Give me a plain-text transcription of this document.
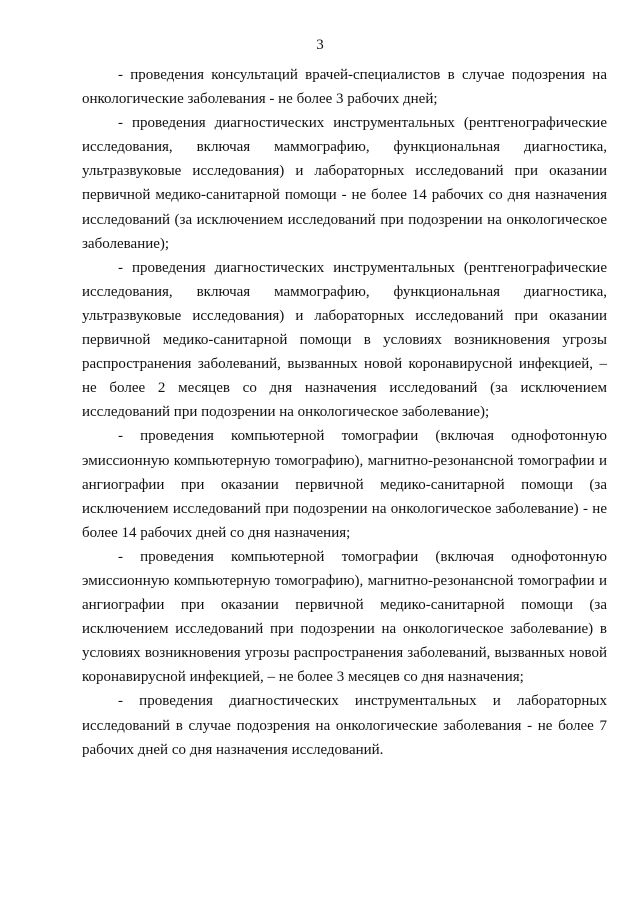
3

- проведения консультаций врачей-специалистов в случае подозрения на онкологические заболевания - не более 3 рабочих дней;

- проведения диагностических инструментальных (рентгенографические исследования, включая маммографию, функциональная диагностика, ультразвуковые исследования) и лабораторных исследований при оказании первичной медико-санитарной помощи - не более 14 рабочих со дня назначения исследований (за исключением исследований при подозрении на онкологическое заболевание);

- проведения диагностических инструментальных (рентгенографические исследования, включая маммографию, функциональная диагностика, ультразвуковые исследования) и лабораторных исследований при оказании первичной медико-санитарной помощи в условиях возникновения угрозы распространения заболеваний, вызванных новой коронавирусной инфекцией, – не более 2 месяцев со дня назначения исследований (за исключением исследований при подозрении на онкологическое заболевание);

- проведения компьютерной томографии (включая однофотонную эмиссионную компьютерную томографию), магнитно-резонансной томографии и ангиографии при оказании первичной медико-санитарной помощи (за исключением исследований при подозрении на онкологическое заболевание) - не более 14 рабочих дней со дня назначения;

- проведения компьютерной томографии (включая однофотонную эмиссионную компьютерную томографию), магнитно-резонансной томографии и ангиографии при оказании первичной медико-санитарной помощи (за исключением исследований при подозрении на онкологическое заболевание) в условиях возникновения угрозы распространения заболеваний, вызванных новой коронавирусной инфекцией, – не более 3 месяцев со дня назначения;

- проведения диагностических инструментальных и лабораторных исследований в случае подозрения на онкологические заболевания - не более 7 рабочих дней со дня назначения исследований.
